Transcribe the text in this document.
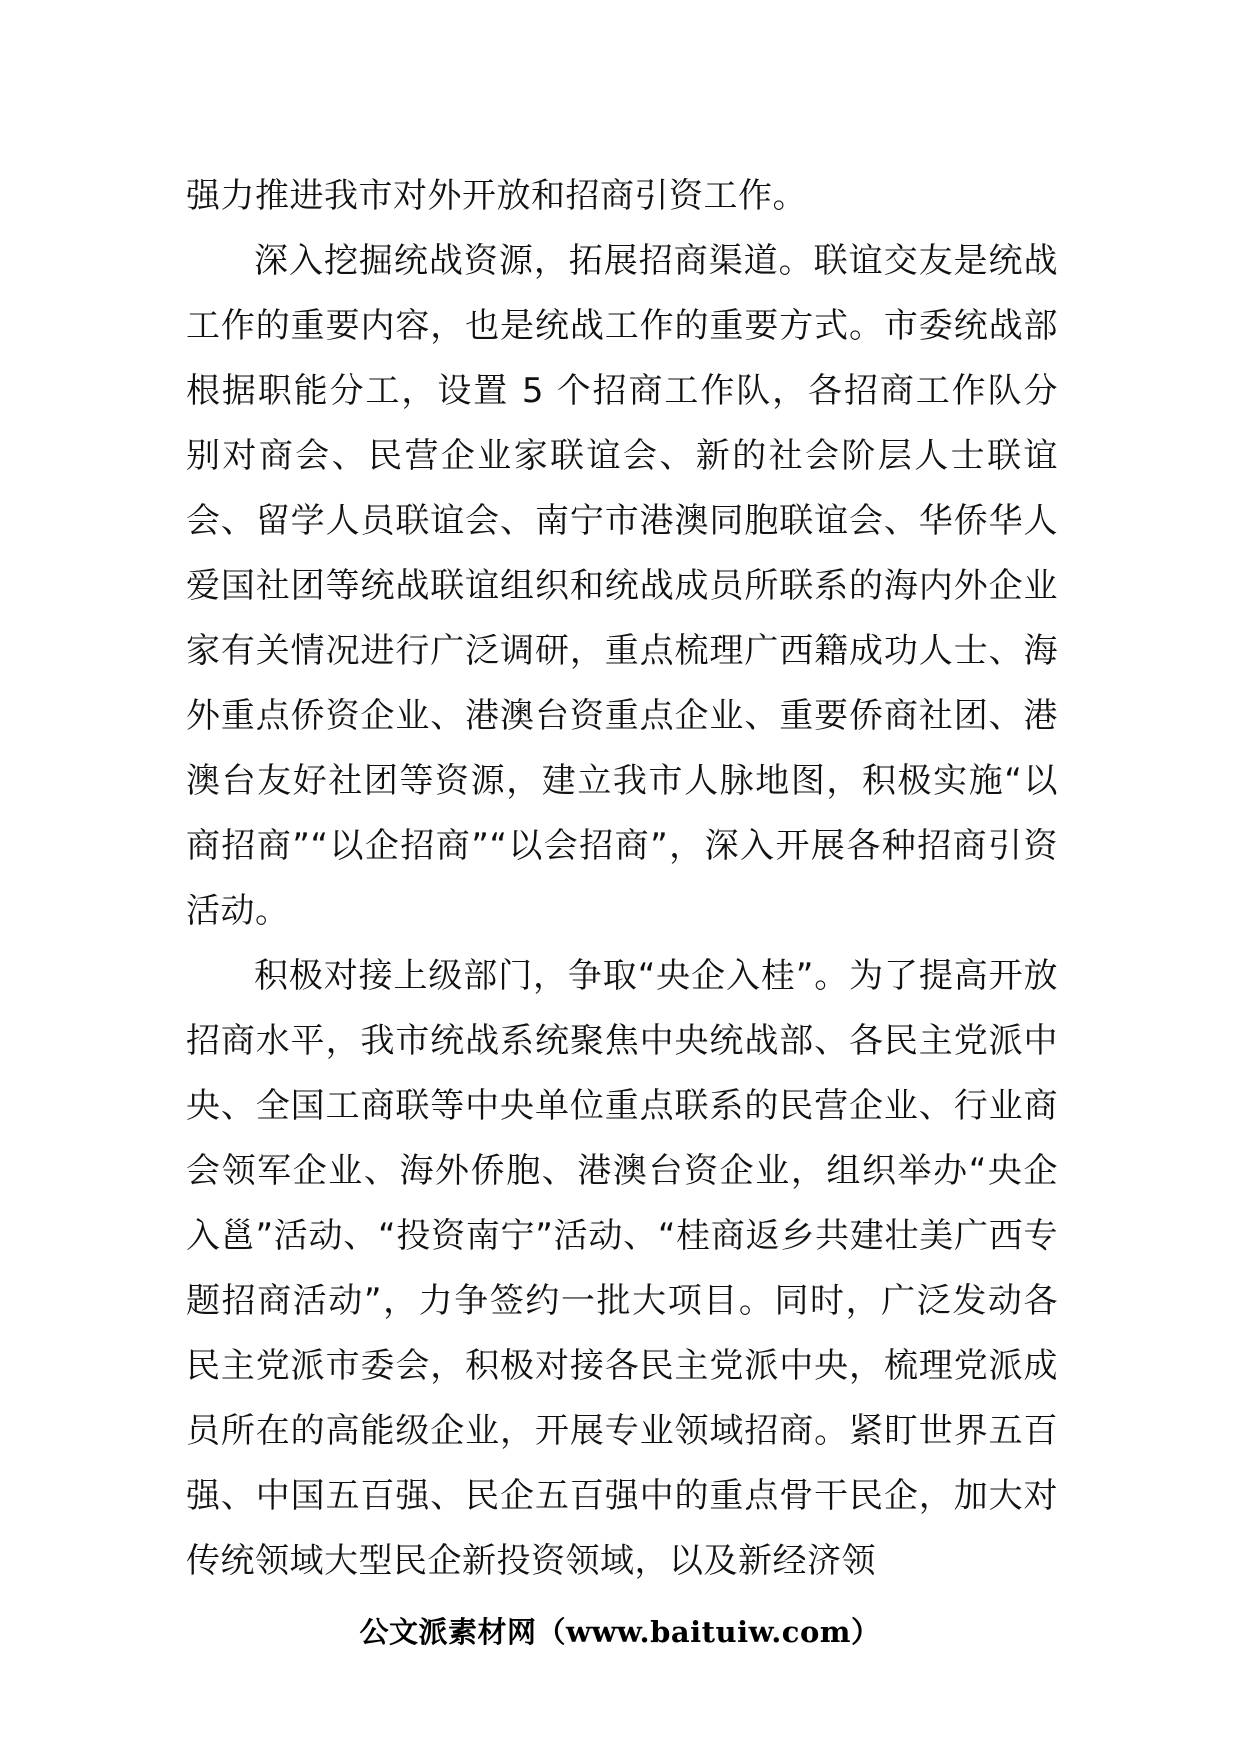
强力推进我市对外开放和招商引资工作。

深入挖掘统战资源，拓展招商渠道。联谊交友是统战工作的重要内容，也是统战工作的重要方式。市委统战部根据职能分工，设置 5 个招商工作队，各招商工作队分别对商会、民营企业家联谊会、新的社会阶层人士联谊会、留学人员联谊会、南宁市港澳同胞联谊会、华侨华人爱国社团等统战联谊组织和统战成员所联系的海内外企业家有关情况进行广泛调研，重点梳理广西籍成功人士、海外重点侨资企业、港澳台资重点企业、重要侨商社团、港澳台友好社团等资源，建立我市人脉地图，积极实施“以商招商”“以企招商”“以会招商”，深入开展各种招商引资活动。

积极对接上级部门，争取“央企入桂”。为了提高开放招商水平，我市统战系统聚焦中央统战部、各民主党派中央、全国工商联等中央单位重点联系的民营企业、行业商会领军企业、海外侨胞、港澳台资企业，组织举办“央企入邕”活动、“投资南宁”活动、“桂商返乡共建壮美广西专题招商活动”，力争签约一批大项目。同时，广泛发动各民主党派市委会，积极对接各民主党派中央，梳理党派成员所在的高能级企业，开展专业领域招商。紧盯世界五百强、中国五百强、民企五百强中的重点骨干民企，加大对传统领域大型民企新投资领域，以及新经济领

公文派素材网（www.baituiw.com）
